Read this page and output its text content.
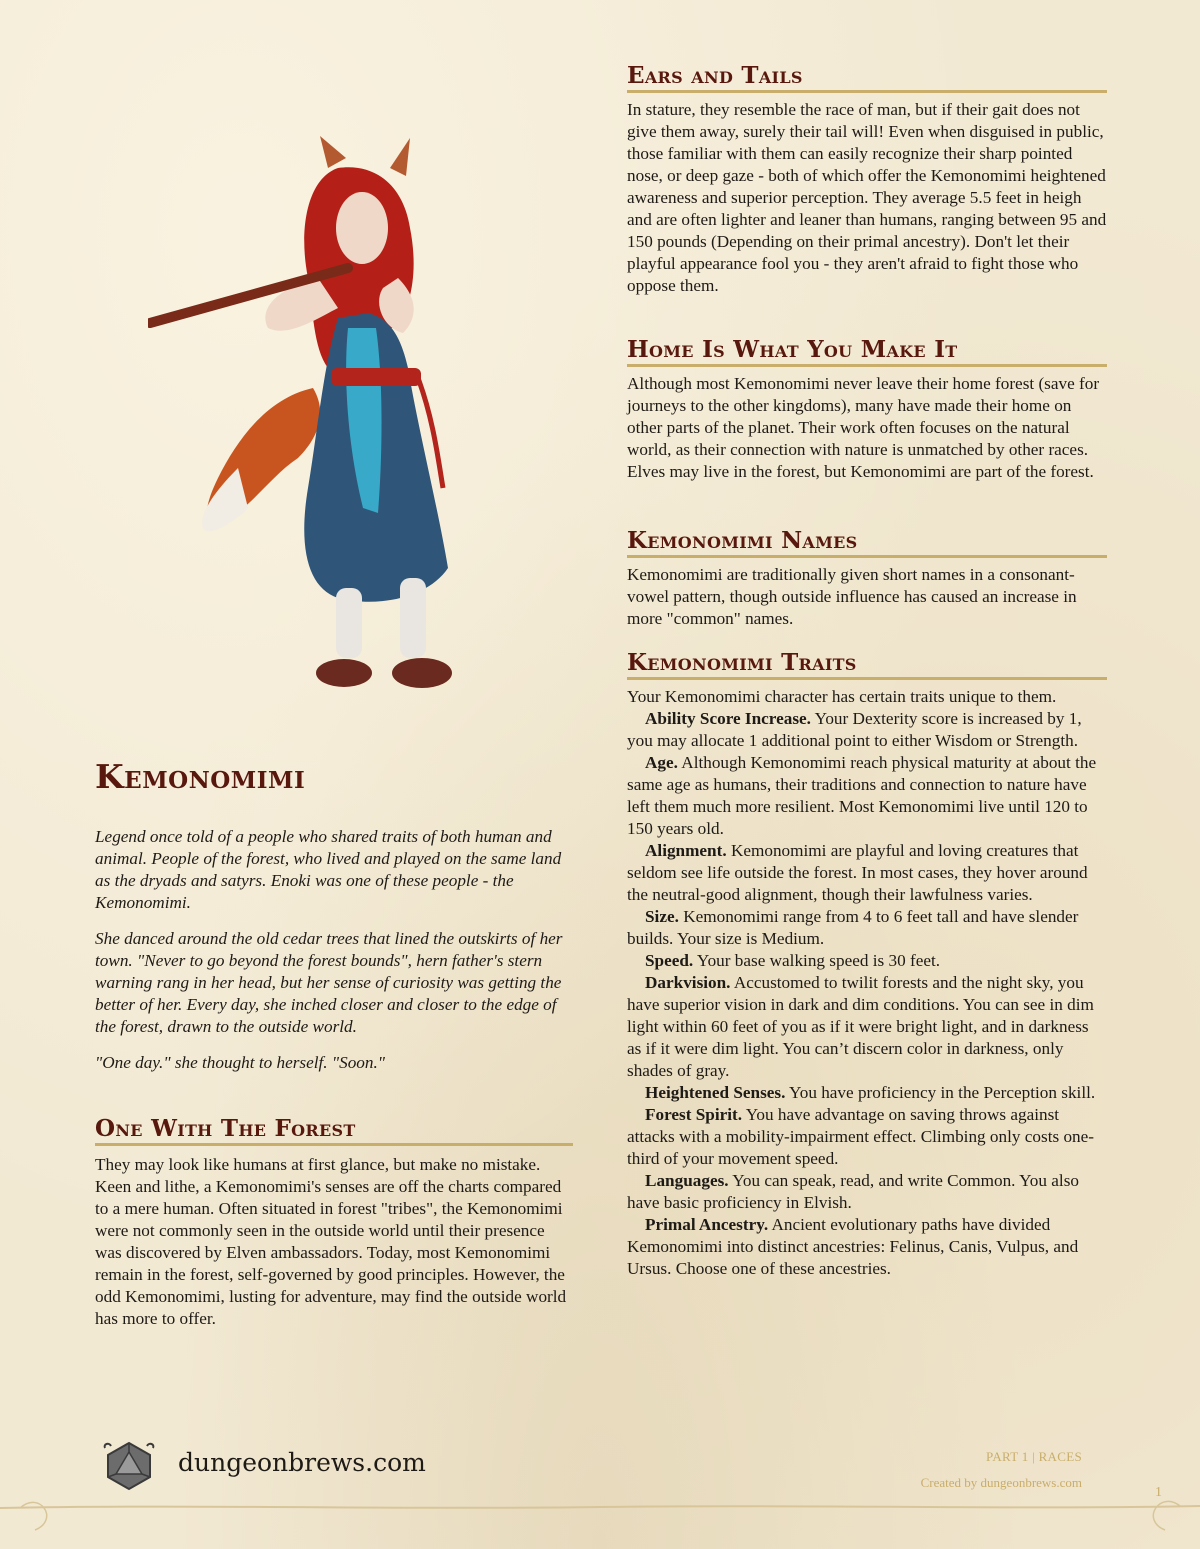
Kemonomimi

Legend once told of a people who shared traits of both human and animal. People of the forest, who lived and played on the same land as the dryads and satyrs. Enoki was one of these people - the Kemonomimi.

She danced around the old cedar trees that lined the outskirts of her town. "Never to go beyond the forest bounds", hern father's stern warning rang in her head, but her sense of curiosity was getting the better of her. Every day, she inched closer and closer to the edge of the forest, drawn to the outside world.

"One day." she thought to herself. "Soon."

One With The Forest

They may look like humans at first glance, but make no mistake. Keen and lithe, a Kemonomimi's senses are off the charts compared to a mere human. Often situated in forest "tribes", the Kemonomimi were not commonly seen in the outside world until their presence was discovered by Elven ambassadors. Today, most Kemonomimi remain in the forest, self-governed by good principles. However, the odd Kemonomimi, lusting for adventure, may find the outside world has more to offer.

Ears and Tails

In stature, they resemble the race of man, but if their gait does not give them away, surely their tail will! Even when disguised in public, those familiar with them can easily recognize their sharp pointed nose, or deep gaze - both of which offer the Kemonomimi heightened awareness and superior perception. They average 5.5 feet in heigh and are often lighter and leaner than humans, ranging between 95 and 150 pounds (Depending on their primal ancestry). Don't let their playful appearance fool you - they aren't afraid to fight those who oppose them.

Home Is What You Make It

Although most Kemonomimi never leave their home forest (save for journeys to the other kingdoms), many have made their home on other parts of the planet. Their work often focuses on the natural world, as their connection with nature is unmatched by other races. Elves may live in the forest, but Kemonomimi are part of the forest.

Kemonomimi Names

Kemonomimi are traditionally given short names in a consonant-vowel pattern, though outside influence has caused an increase in more "common" names.

Kemonomimi Traits

Your Kemonomimi character has certain traits unique to them.

Ability Score Increase. Your Dexterity score is increased by 1, you may allocate 1 additional point to either Wisdom or Strength.

Age. Although Kemonomimi reach physical maturity at about the same age as humans, their traditions and connection to nature have left them much more resilient. Most Kemonomimi live until 120 to 150 years old.

Alignment. Kemonomimi are playful and loving creatures that seldom see life outside the forest. In most cases, they hover around the neutral-good alignment, though their lawfulness varies.

Size. Kemonomimi range from 4 to 6 feet tall and have slender builds. Your size is Medium.

Speed. Your base walking speed is 30 feet.

Darkvision. Accustomed to twilit forests and the night sky, you have superior vision in dark and dim conditions. You can see in dim light within 60 feet of you as if it were bright light, and in darkness as if it were dim light. You can’t discern color in darkness, only shades of gray.

Heightened Senses. You have proficiency in the Perception skill.

Forest Spirit. You have advantage on saving throws against attacks with a mobility-impairment effect. Climbing only costs one-third of your movement speed.

Languages. You can speak, read, and write Common. You also have basic proficiency in Elvish.

Primal Ancestry. Ancient evolutionary paths have divided Kemonomimi into distinct ancestries: Felinus, Canis, Vulpus, and Ursus. Choose one of these ancestries.

dungeonbrews.com	PART 1 | RACES
Created by dungeonbrews.com
1
